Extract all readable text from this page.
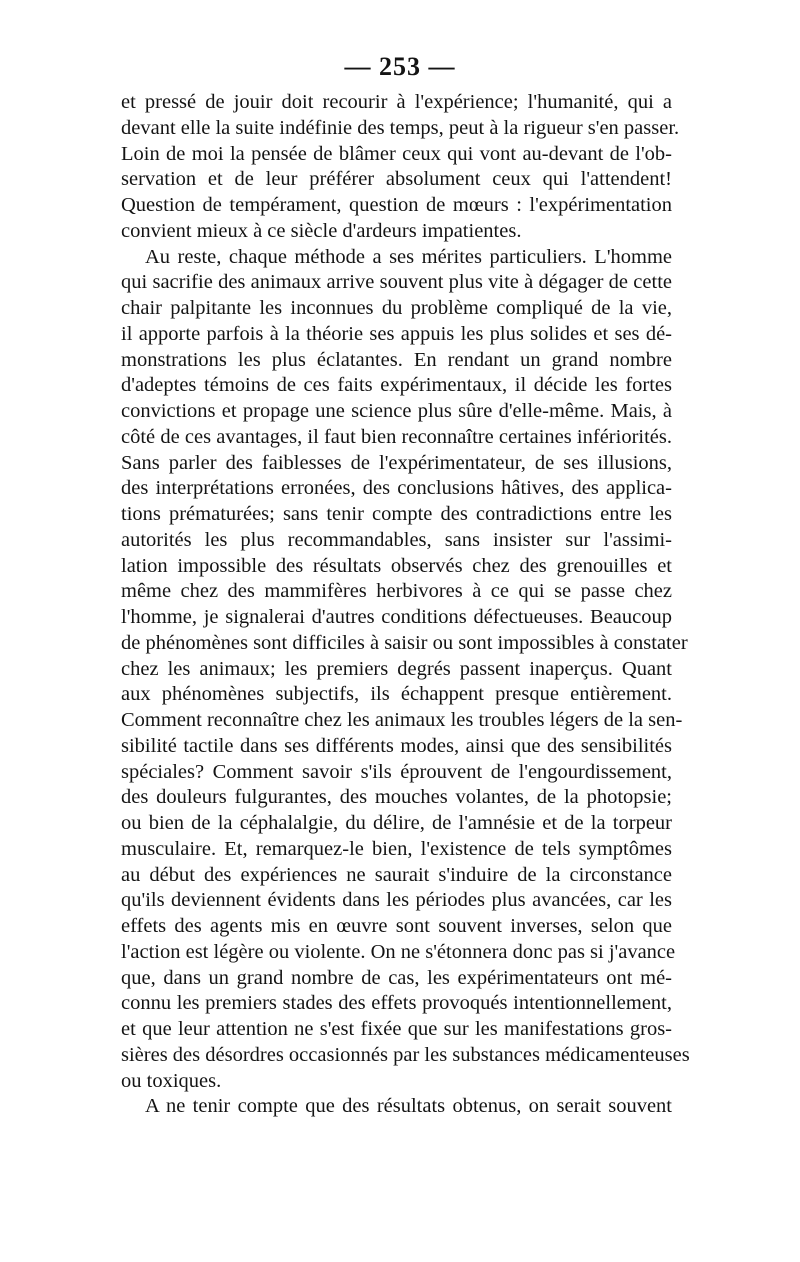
— 253 —
et pressé de jouir doit recourir à l'expérience; l'humanité, qui a
devant elle la suite indéfinie des temps, peut à la rigueur s'en passer.
Loin de moi la pensée de blâmer ceux qui vont au-devant de l'ob-
servation et de leur préférer absolument ceux qui l'attendent!
Question de tempérament, question de mœurs : l'expérimentation
convient mieux à ce siècle d'ardeurs impatientes.
Au reste, chaque méthode a ses mérites particuliers. L'homme
qui sacrifie des animaux arrive souvent plus vite à dégager de cette
chair palpitante les inconnues du problème compliqué de la vie,
il apporte parfois à la théorie ses appuis les plus solides et ses dé-
monstrations les plus éclatantes. En rendant un grand nombre
d'adeptes témoins de ces faits expérimentaux, il décide les fortes
convictions et propage une science plus sûre d'elle-même. Mais, à
côté de ces avantages, il faut bien reconnaître certaines infériorités.
Sans parler des faiblesses de l'expérimentateur, de ses illusions,
des interprétations erronées, des conclusions hâtives, des applica-
tions prématurées; sans tenir compte des contradictions entre les
autorités les plus recommandables, sans insister sur l'assimi-
lation impossible des résultats observés chez des grenouilles et
même chez des mammifères herbivores à ce qui se passe chez
l'homme, je signalerai d'autres conditions défectueuses. Beaucoup
de phénomènes sont difficiles à saisir ou sont impossibles à constater
chez les animaux; les premiers degrés passent inaperçus. Quant
aux phénomènes subjectifs, ils échappent presque entièrement.
Comment reconnaître chez les animaux les troubles légers de la sen-
sibilité tactile dans ses différents modes, ainsi que des sensibilités
spéciales? Comment savoir s'ils éprouvent de l'engourdissement,
des douleurs fulgurantes, des mouches volantes, de la photopsie;
ou bien de la céphalalgie, du délire, de l'amnésie et de la torpeur
musculaire. Et, remarquez-le bien, l'existence de tels symptômes
au début des expériences ne saurait s'induire de la circonstance
qu'ils deviennent évidents dans les périodes plus avancées, car les
effets des agents mis en œuvre sont souvent inverses, selon que
l'action est légère ou violente. On ne s'étonnera donc pas si j'avance
que, dans un grand nombre de cas, les expérimentateurs ont mé-
connu les premiers stades des effets provoqués intentionnellement,
et que leur attention ne s'est fixée que sur les manifestations gros-
sières des désordres occasionnés par les substances médicamenteuses
ou toxiques.
A ne tenir compte que des résultats obtenus, on serait souvent
